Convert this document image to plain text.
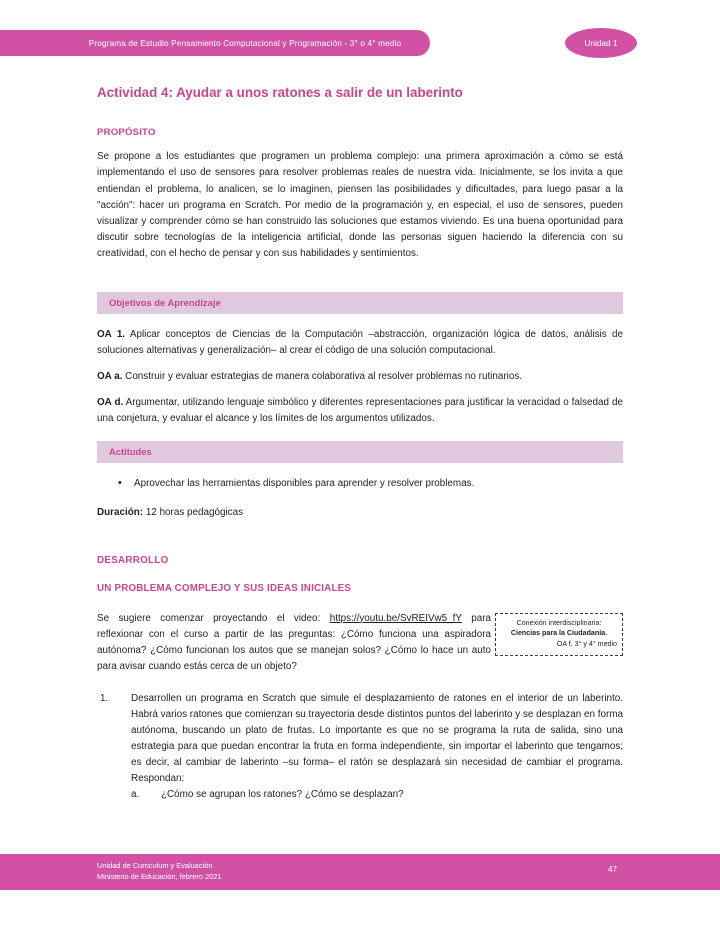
Programa de Estudio Pensamiento Computacional y Programación - 3° o 4° medio	Unidad 1
Actividad 4: Ayudar a unos ratones a salir de un laberinto
PROPÓSITO

Se propone a los estudiantes que programen un problema complejo: una primera aproximación a cómo se está implementando el uso de sensores para resolver problemas reales de nuestra vida. Inicialmente, se los invita a que entiendan el problema, lo analicen, se lo imaginen, piensen las posibilidades y dificultades, para luego pasar a la "acción": hacer un programa en Scratch. Por medio de la programación y, en especial, el uso de sensores, pueden visualizar y comprender cómo se han construido las soluciones que estamos viviendo. Es una buena oportunidad para discutir sobre tecnologías de la inteligencia artificial, donde las personas siguen haciendo la diferencia con su creatividad, con el hecho de pensar y con sus habilidades y sentimientos.

Objetivos de Aprendizaje

OA 1. Aplicar conceptos de Ciencias de la Computación –abstracción, organización lógica de datos, análisis de soluciones alternativas y generalización– al crear el código de una solución computacional.

OA a. Construir y evaluar estrategias de manera colaborativa al resolver problemas no rutinarios.

OA d. Argumentar, utilizando lenguaje simbólico y diferentes representaciones para justificar la veracidad o falsedad de una conjetura, y evaluar el alcance y los límites de los argumentos utilizados.

Actitudes
• Aprovechar las herramientas disponibles para aprender y resolver problemas.

Duración: 12 horas pedagógicas

DESARROLLO
UN PROBLEMA COMPLEJO Y SUS IDEAS INICIALES

Se sugiere comenzar proyectando el video: https://youtu.be/SvREIVw5_fY para reflexionar con el curso a partir de las preguntas: ¿Cómo funciona una aspiradora autónoma? ¿Cómo funcionan los autos que se manejan solos? ¿Cómo lo hace un auto para avisar cuando estás cerca de un objeto?

Conexión interdisciplinaria:
Ciencias para la Ciudadanía.
OA f, 3° y 4° medio
1. Desarrollen un programa en Scratch que simule el desplazamiento de ratones en el interior de un laberinto. Habrá varios ratones que comienzan su trayectoria desde distintos puntos del laberinto y se desplazan en forma autónoma, buscando un plato de frutas. Lo importante es que no se programa la ruta de salida, sino una estrategia para que puedan encontrar la fruta en forma independiente, sin importar el laberinto que tengamos; es decir, al cambiar de laberinto –su forma– el ratón se desplazará sin necesidad de cambiar el programa. Respondan:
a. ¿Cómo se agrupan los ratones? ¿Cómo se desplazan?
Unidad de Curriculum y Evaluación
Ministerio de Educación, febrero 2021
47
